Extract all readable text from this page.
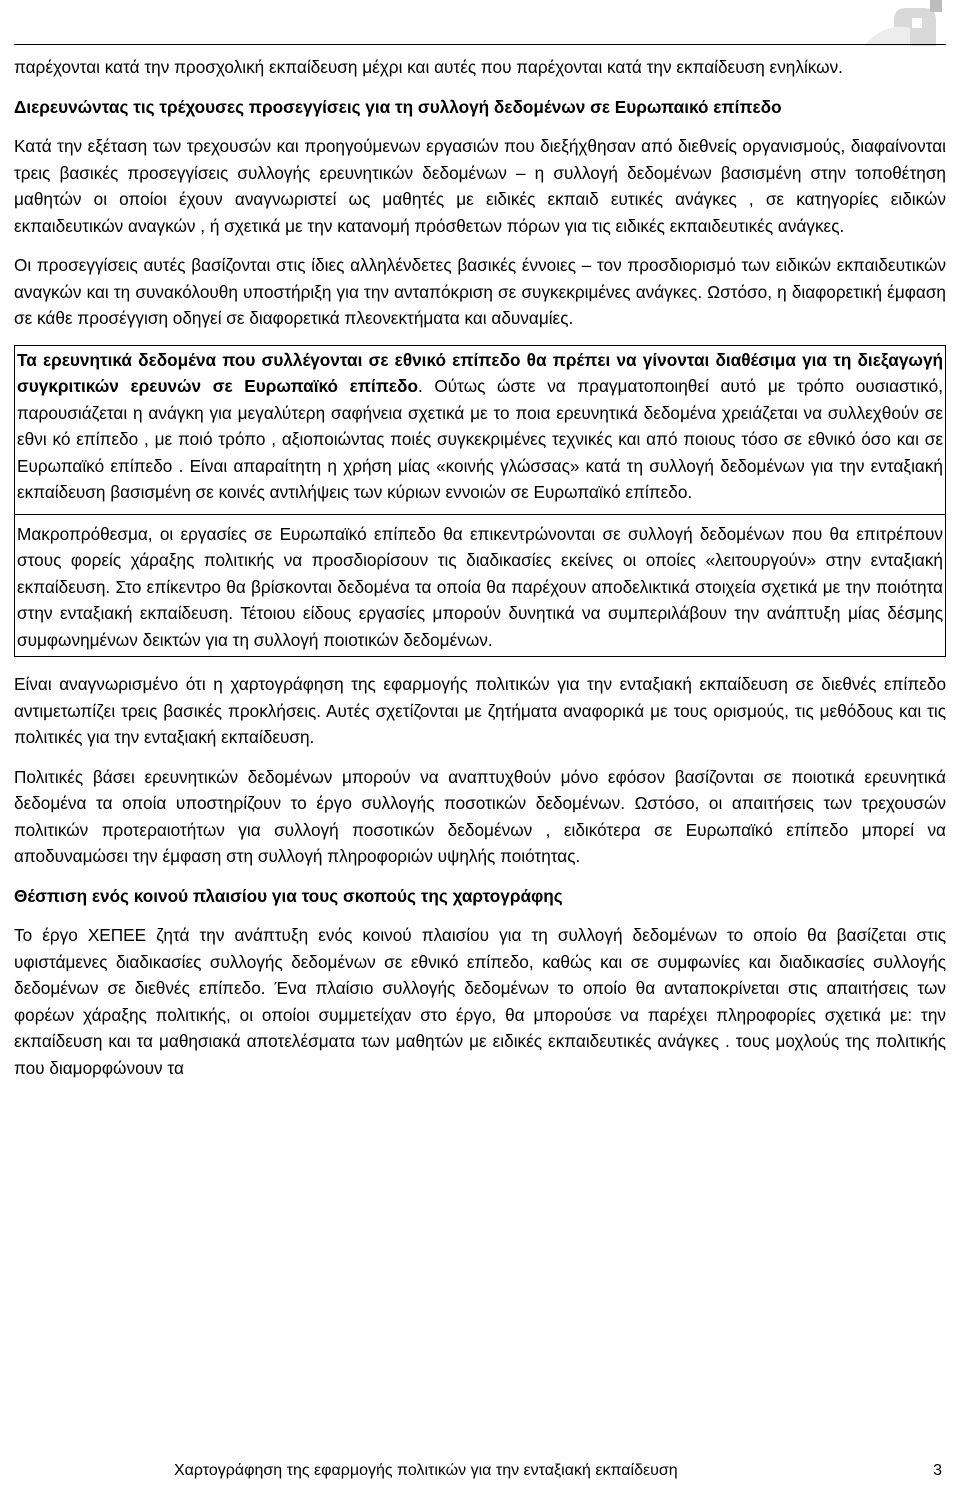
παρέχονται κατά την προσχολική εκπαίδευση μέχρι και αυτές που παρέχονται κατά την εκπαίδευση ενηλίκων.

Διερευνώντας τις τρέχουσες προσεγγίσεις για τη συλλογή δεδομένων σε Ευρωπαικό επίπεδο

Κατά την εξέταση των τρεχουσών και προηγούμενων εργασιών που διεξήχθησαν από διεθνείς οργανισμούς, διαφαίνονται τρεις βασικές προσεγγίσεις συλλογής ερευνητικών δεδομένων – η συλλογή δεδομένων βασισμένη στην τοποθέτηση μαθητών οι οποίοι έχουν αναγνωριστεί ως μαθητές με ειδικές εκπαιδ ευτικές ανάγκες , σε κατηγορίες ειδικών εκπαιδευτικών αναγκών , ή σχετικά με την κατανομή πρόσθετων πόρων για τις ειδικές εκπαιδευτικές ανάγκες.

Οι προσεγγίσεις αυτές βασίζονται στις ίδιες αλληλένδετες βασικές έννοιες – τον προσδιορισμό των ειδικών εκπαιδευτικών αναγκών και τη συνακόλουθη υποστήριξη για την ανταπόκριση σε συγκεκριμένες ανάγκες. Ωστόσο, η διαφορετική έμφαση σε κάθε προσέγγιση οδηγεί σε διαφορετικά πλεονεκτήματα και αδυναμίες.

Τα ερευνητικά δεδομένα που συλλέγονται σε εθνικό επίπεδο θα πρέπει να γίνονται διαθέσιμα για τη διεξαγωγή συγκριτικών ερευνών σε Ευρωπαϊκό επίπεδο. Ούτως ώστε να πραγματοποιηθεί αυτό με τρόπο ουσιαστικό, παρουσιάζεται η ανάγκη για μεγαλύτερη σαφήνεια σχετικά με το ποια ερευνητικά δεδομένα χρειάζεται να συλλεχθούν σε εθνι κό επίπεδο , με ποιό τρόπο , αξιοποιώντας ποιές συγκεκριμένες τεχνικές και από ποιους τόσο σε εθνικό όσο και σε Ευρωπαϊκό επίπεδο . Είναι απαραίτητη η χρήση μίας «κοινής γλώσσας» κατά τη συλλογή δεδομένων για την ενταξιακή εκπαίδευση βασισμένη σε κοινές αντιλήψεις των κύριων εννοιών σε Ευρωπαϊκό επίπεδο.

Μακροπρόθεσμα, οι εργασίες σε Ευρωπαϊκό επίπεδο θα επικεντρώνονται σε συλλογή δεδομένων που θα επιτρέπουν στους φορείς χάραξης πολιτικής να προσδιορίσουν τις διαδικασίες εκείνες οι οποίες «λειτουργούν» στην ενταξιακή εκπαίδευση. Στο επίκεντρο θα βρίσκονται δεδομένα τα οποία θα παρέχουν αποδελικτικά στοιχεία σχετικά με την ποιότητα στην ενταξιακή εκπαίδευση. Τέτοιου είδους εργασίες μπορούν δυνητικά να συμπεριλάβουν την ανάπτυξη μίας δέσμης συμφωνημένων δεικτών για τη συλλογή ποιοτικών δεδομένων.

Είναι αναγνωρισμένο ότι η χαρτογράφηση της εφαρμογής πολιτικών για την ενταξιακή εκπαίδευση σε διεθνές επίπεδο αντιμετωπίζει τρεις βασικές προκλήσεις. Αυτές σχετίζονται με ζητήματα αναφορικά με τους ορισμούς, τις μεθόδους και τις πολιτικές για την ενταξιακή εκπαίδευση.

Πολιτικές βάσει ερευνητικών δεδομένων μπορούν να αναπτυχθούν μόνο εφόσον βασίζονται σε ποιοτικά ερευνητικά δεδομένα τα οποία υποστηρίζουν το έργο συλλογής ποσοτικών δεδομένων. Ωστόσο, οι απαιτήσεις των τρεχουσών πολιτικών προτεραιοτήτων για συλλογή ποσοτικών δεδομένων , ειδικότερα σε Ευρωπαϊκό επίπεδο μπορεί να αποδυναμώσει την έμφαση στη συλλογή πληροφοριών υψηλής ποιότητας.

Θέσπιση ενός κοινού πλαισίου για τους σκοπούς της χαρτογράφης

Το έργο ΧΕΠΕΕ ζητά την ανάπτυξη ενός κοινού πλαισίου για τη συλλογή δεδομένων το οποίο θα βασίζεται στις υφιστάμενες διαδικασίες συλλογής δεδομένων σε εθνικό επίπεδο, καθώς και σε συμφωνίες και διαδικασίες συλλογής δεδομένων σε διεθνές επίπεδο. Ένα πλαίσιο συλλογής δεδομένων το οποίο θα ανταποκρίνεται στις απαιτήσεις των φορέων χάραξης πολιτικής, οι οποίοι συμμετείχαν στο έργο, θα μπορούσε να παρέχει πληροφορίες σχετικά με: την εκπαίδευση και τα μαθησιακά αποτελέσματα των μαθητών με ειδικές εκπαιδευτικές ανάγκες . τους μοχλούς της πολιτικής που διαμορφώνουν τα

Χαρτογράφηση της εφαρμογής πολιτικών για την ενταξιακή εκπαίδευση	3
